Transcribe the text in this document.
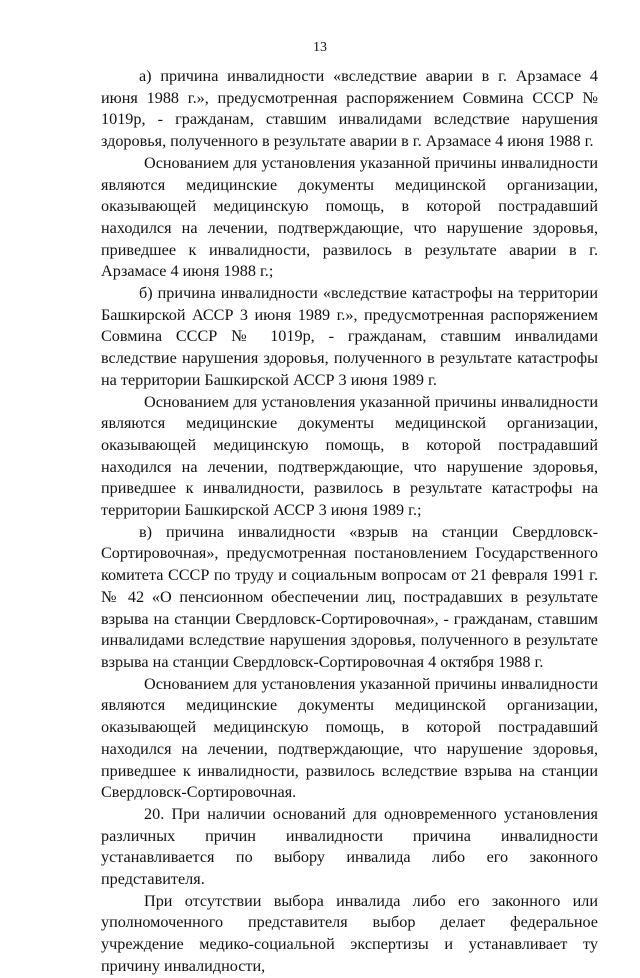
13

а) причина инвалидности «вследствие аварии в г. Арзамасе 4 июня 1988 г.», предусмотренная распоряжением Совмина СССР № 1019р, - гражданам, ставшим инвалидами вследствие нарушения здоровья, полученного в результате аварии в г. Арзамасе 4 июня 1988 г.

Основанием для установления указанной причины инвалидности являются медицинские документы медицинской организации, оказывающей медицинскую помощь, в которой пострадавший находился на лечении, подтверждающие, что нарушение здоровья, приведшее к инвалидности, развилось в результате аварии в г. Арзамасе 4 июня 1988 г.;

б) причина инвалидности «вследствие катастрофы на территории Башкирской АССР 3 июня 1989 г.», предусмотренная распоряжением Совмина СССР № 1019р, - гражданам, ставшим инвалидами вследствие нарушения здоровья, полученного в результате катастрофы на территории Башкирской АССР 3 июня 1989 г.

Основанием для установления указанной причины инвалидности являются медицинские документы медицинской организации, оказывающей медицинскую помощь, в которой пострадавший находился на лечении, подтверждающие, что нарушение здоровья, приведшее к инвалидности, развилось в результате катастрофы на территории Башкирской АССР 3 июня 1989 г.;

в) причина инвалидности «взрыв на станции Свердловск-Сортировочная», предусмотренная постановлением Государственного комитета СССР по труду и социальным вопросам от 21 февраля 1991 г. № 42 «О пенсионном обеспечении лиц, пострадавших в результате взрыва на станции Свердловск-Сортировочная», - гражданам, ставшим инвалидами вследствие нарушения здоровья, полученного в результате взрыва на станции Свердловск-Сортировочная 4 октября 1988 г.

Основанием для установления указанной причины инвалидности являются медицинские документы медицинской организации, оказывающей медицинскую помощь, в которой пострадавший находился на лечении, подтверждающие, что нарушение здоровья, приведшее к инвалидности, развилось вследствие взрыва на станции Свердловск-Сортировочная.

20. При наличии оснований для одновременного установления различных причин инвалидности причина инвалидности устанавливается по выбору инвалида либо его законного представителя.

При отсутствии выбора инвалида либо его законного или уполномоченного представителя выбор делает федеральное учреждение медико-социальной экспертизы и устанавливает ту причину инвалидности,
